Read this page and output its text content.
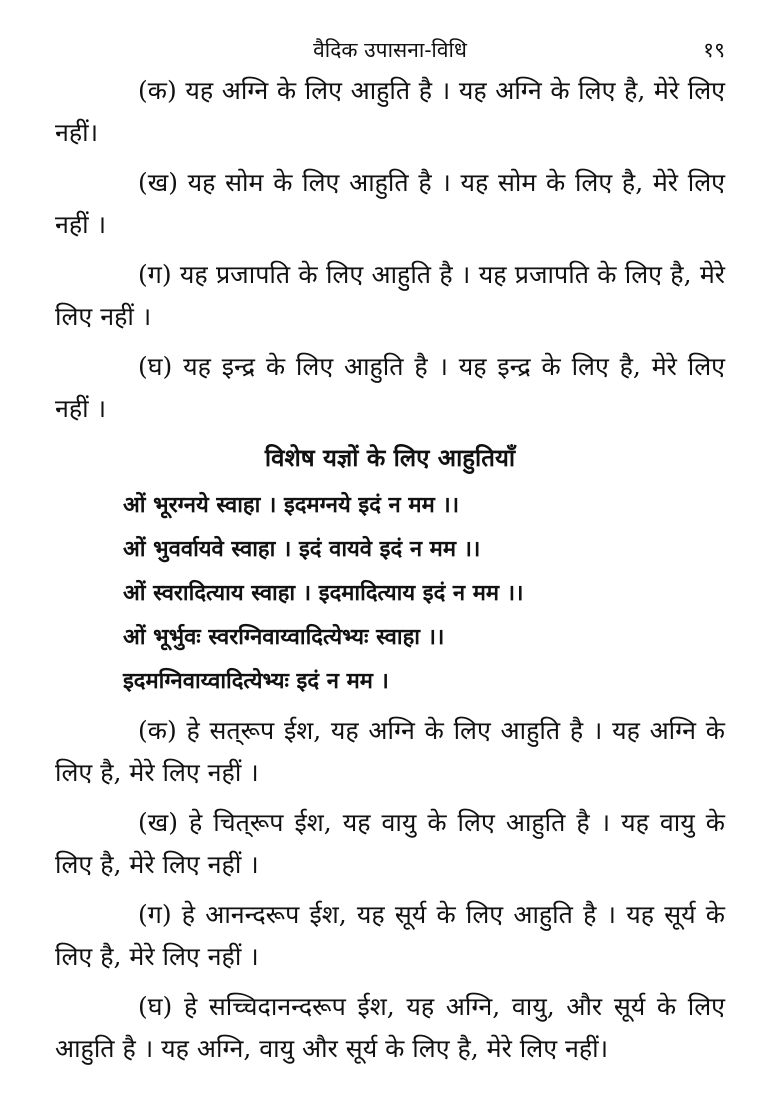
वैदिक उपासना-विधि	१९

(क) यह अग्नि के लिए आहुति है । यह अग्नि के लिए है, मेरे लिए नहीं।

(ख) यह सोम के लिए आहुति है । यह सोम के लिए है, मेरे लिए नहीं ।

(ग) यह प्रजापति के लिए आहुति है । यह प्रजापति के लिए है, मेरे लिए नहीं ।

(घ) यह इन्द्र के लिए आहुति है । यह इन्द्र के लिए है, मेरे लिए नहीं ।

विशेष यज्ञों के लिए आहुतियाँ
ओं भूरग्नये स्वाहा । इदमग्नये इदं न मम ।।
ओं भुवर्वायवे स्वाहा । इदं वायवे इदं न मम ।।
ओं स्वरादित्याय स्वाहा । इदमादित्याय इदं न मम ।।
ओं भूर्भुवः स्वरग्निवाय्वादित्येभ्यः स्वाहा ।।
इदमग्निवाय्वादित्येभ्यः इदं न मम ।

(क) हे सत्‌रूप ईश, यह अग्नि के लिए आहुति है । यह अग्नि के लिए है, मेरे लिए नहीं ।

(ख) हे चित्‌रूप ईश, यह वायु के लिए आहुति है । यह वायु के लिए है, मेरे लिए नहीं ।

(ग) हे आनन्दरूप ईश, यह सूर्य के लिए आहुति है । यह सूर्य के लिए है, मेरे लिए नहीं ।

(घ) हे सच्चिदानन्दरूप ईश, यह अग्नि, वायु, और सूर्य के लिए आहुति है । यह अग्नि, वायु और सूर्य के लिए है, मेरे लिए नहीं।
